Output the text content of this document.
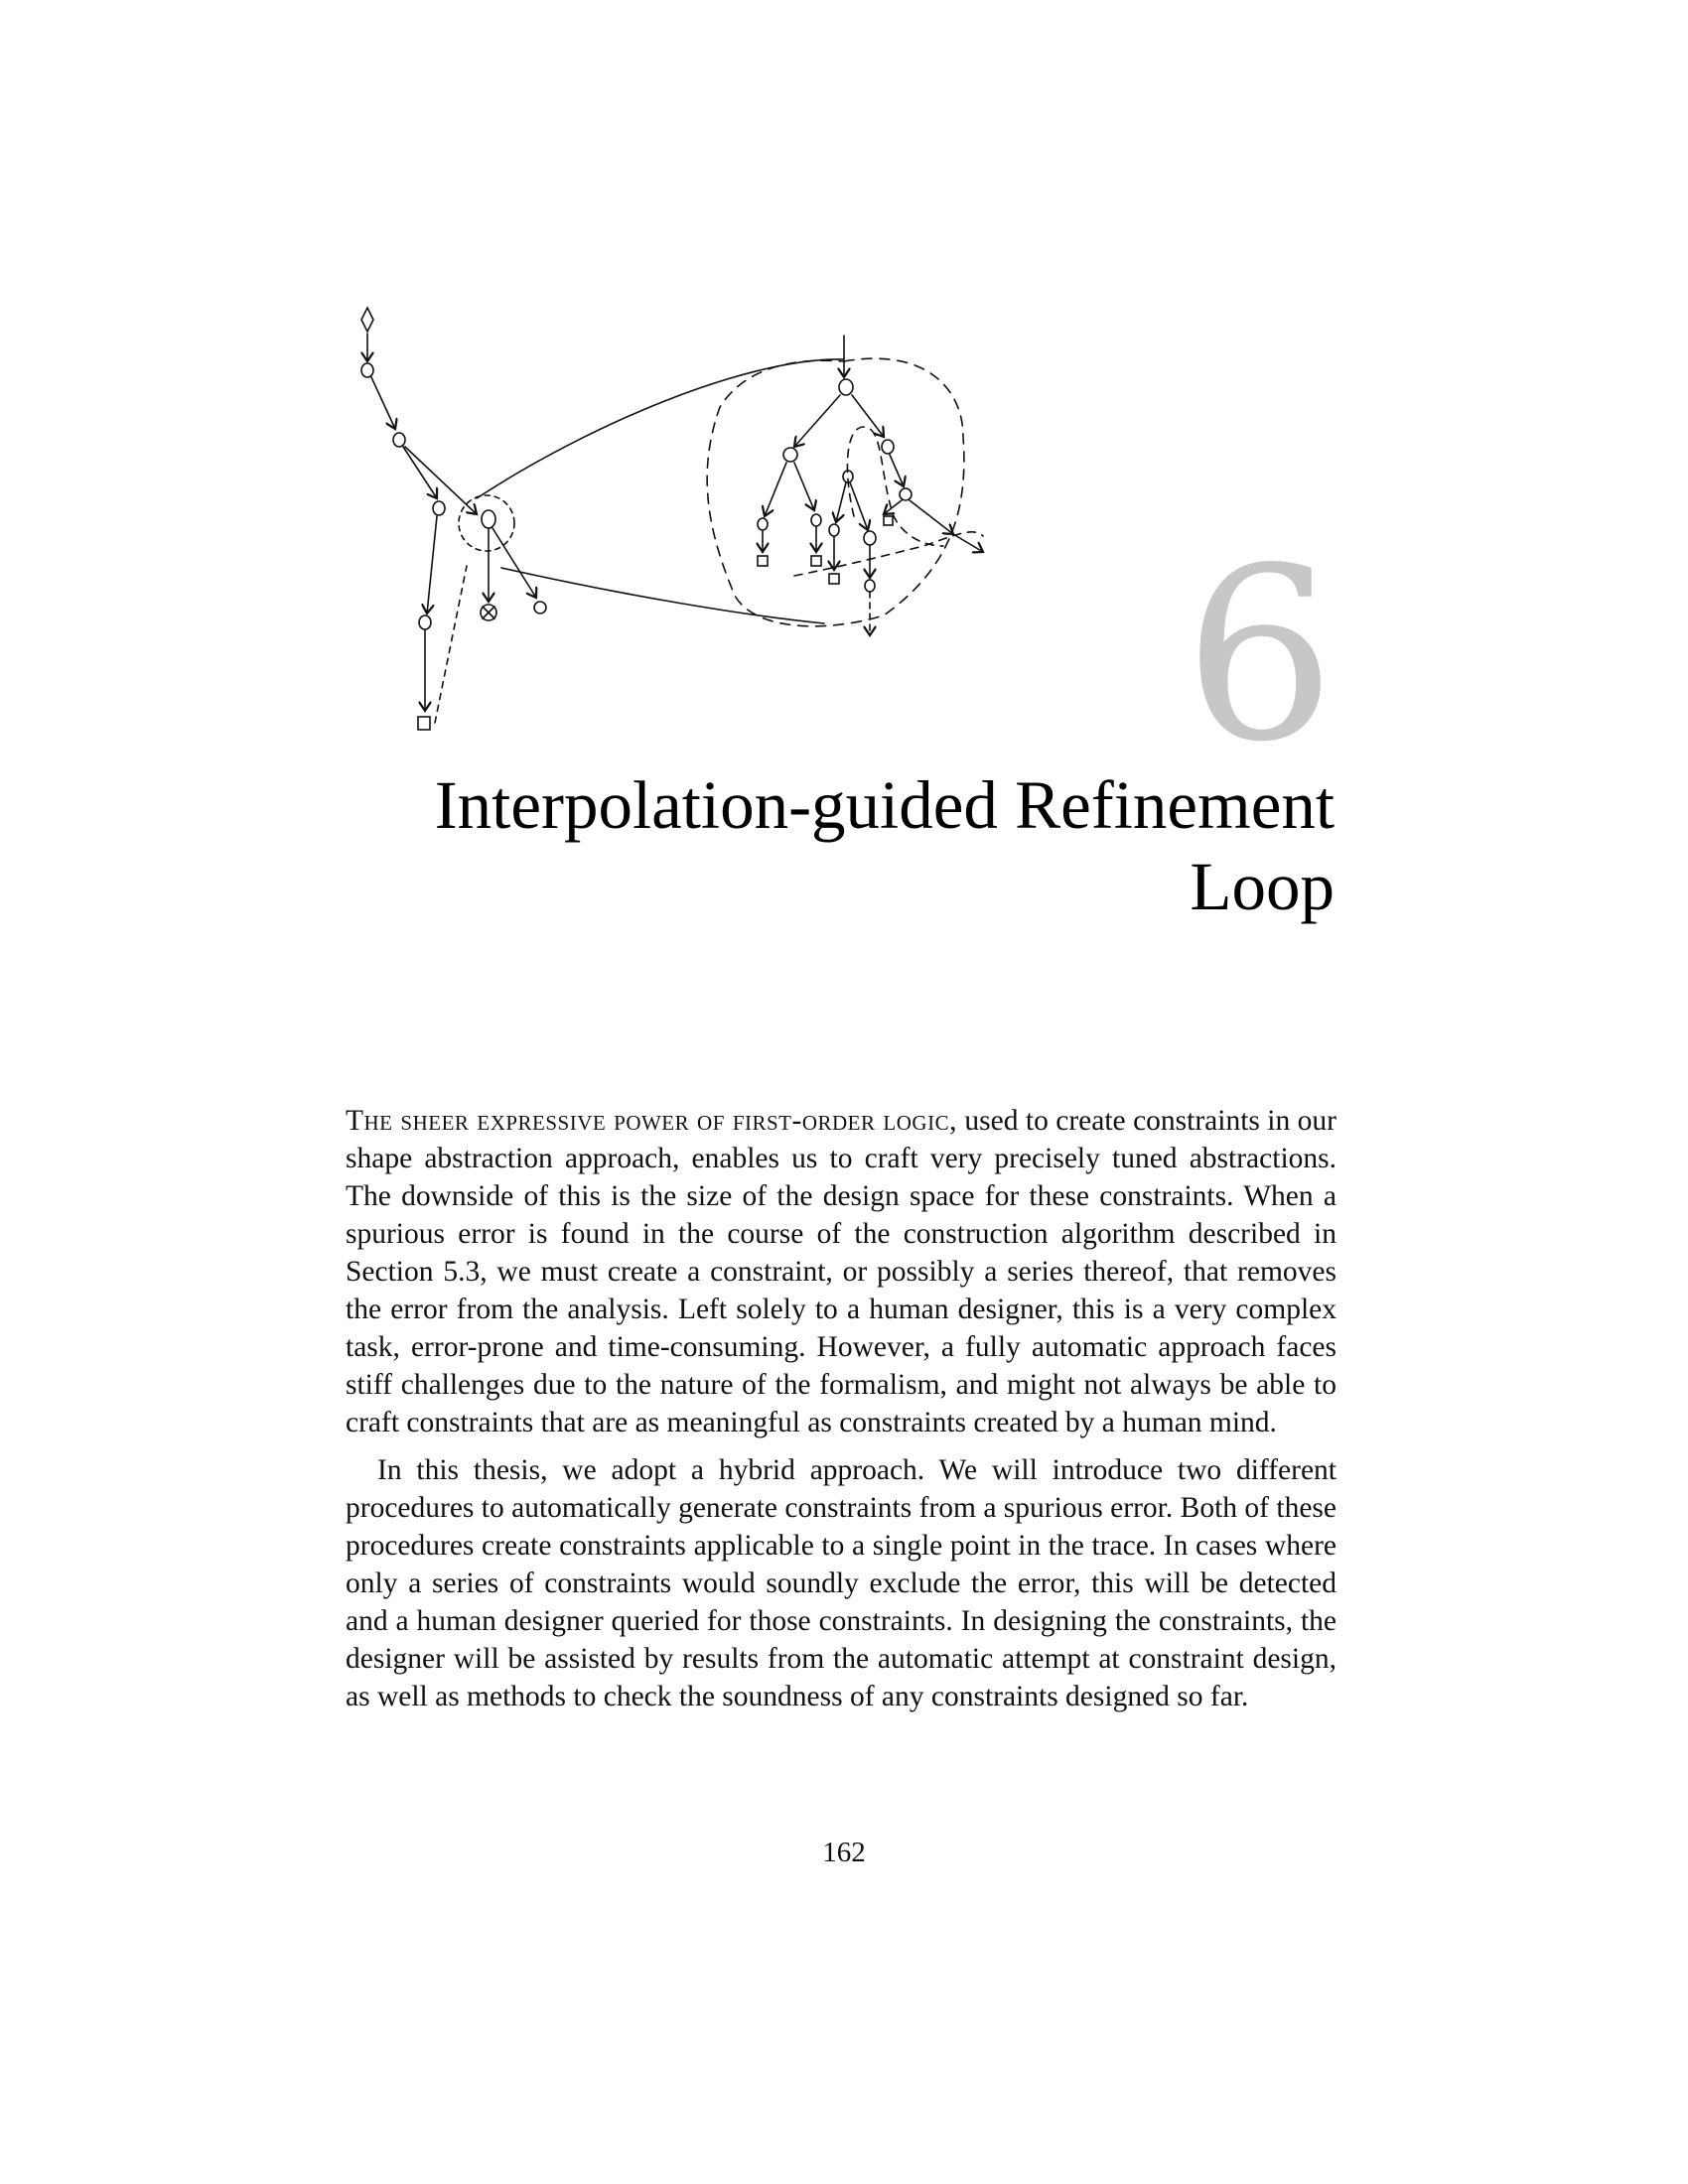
6
Interpolation-guided Refinement
Loop

The sheer expressive power of first-order logic, used to create constraints in our shape abstraction approach, enables us to craft very precisely tuned abstractions. The downside of this is the size of the design space for these constraints. When a spurious error is found in the course of the construction algorithm described in Section 5.3, we must create a constraint, or possibly a series thereof, that removes the error from the analysis. Left solely to a human designer, this is a very complex task, error-prone and time-consuming. However, a fully automatic approach faces stiff challenges due to the nature of the formalism, and might not always be able to craft constraints that are as meaningful as constraints created by a human mind.

In this thesis, we adopt a hybrid approach. We will introduce two different procedures to automatically generate constraints from a spurious error. Both of these procedures create constraints applicable to a single point in the trace. In cases where only a series of constraints would soundly exclude the error, this will be detected and a human designer queried for those constraints. In designing the constraints, the designer will be assisted by results from the automatic attempt at constraint design, as well as methods to check the soundness of any constraints designed so far.

162
